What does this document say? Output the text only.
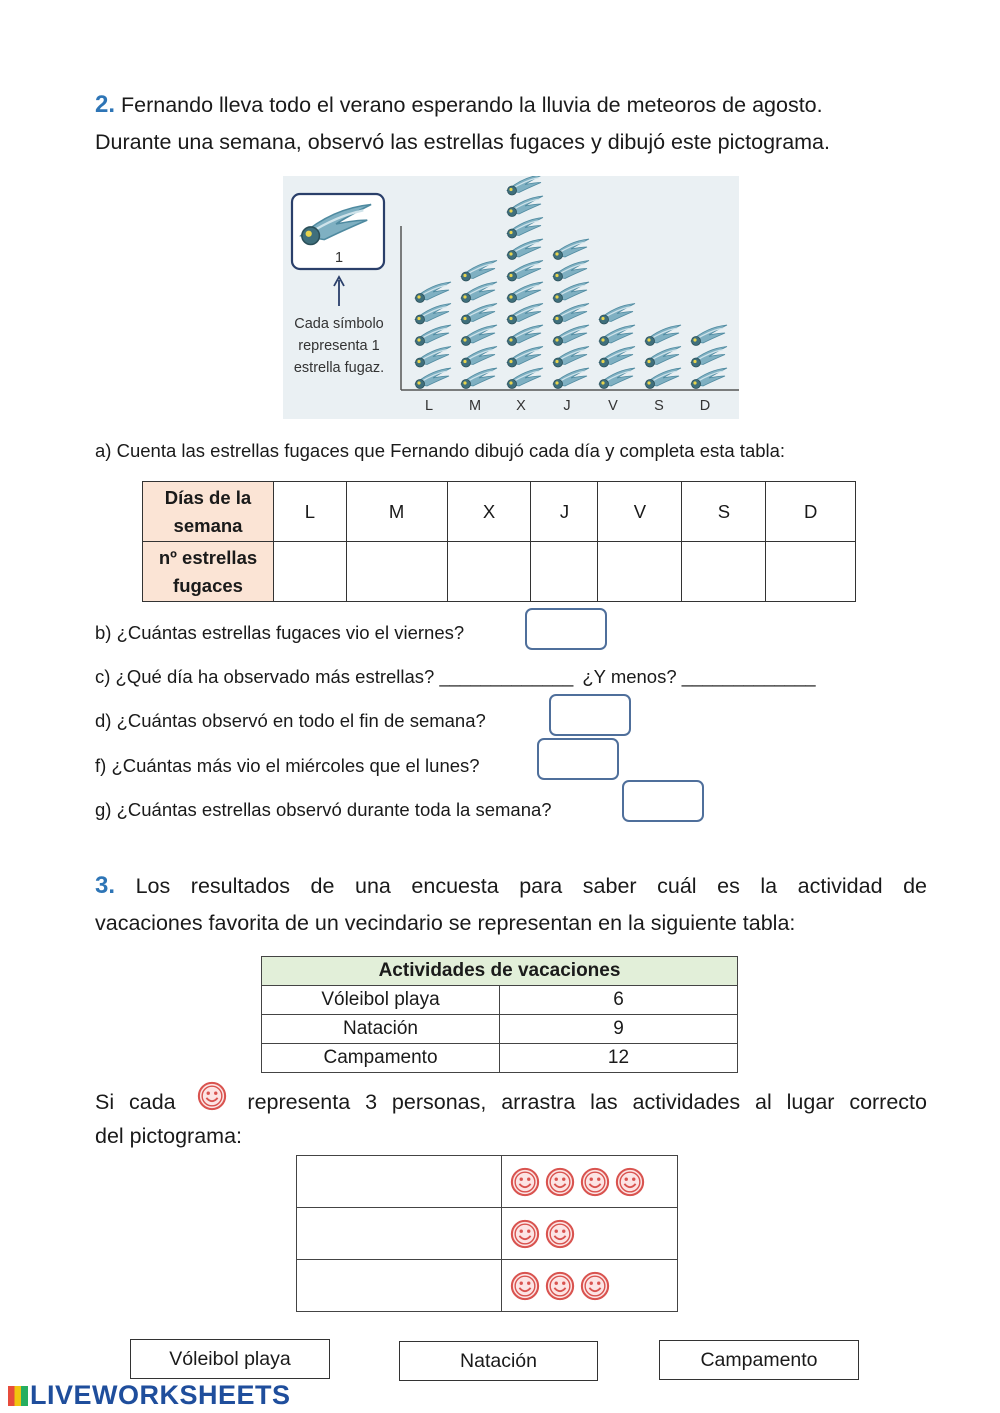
2. Fernando lleva todo el verano esperando la lluvia de meteoros de agosto.
Durante una semana, observó las estrellas fugaces y dibujó este pictograma.
1
Cada símbolo
representa 1
estrella fugaz.
L M X	J	V	S D
a) Cuenta las estrellas fugaces que Fernando dibujó cada día y completa esta tabla:
Días de la
semana	L	M	X	J	V	S	D
nº estrellas
fugaces							
b) ¿Cuántas estrellas fugaces vio el viernes?
c) ¿Qué día ha observado más estrellas? _____________ ¿Y menos? _____________
d) ¿Cuántas observó en todo el fin de semana?
f) ¿Cuántas más vio el miércoles que el lunes?
g) ¿Cuántas estrellas observó durante toda la semana?
3. Los resultados de una encuesta para saber cuál es la actividad de
vacaciones favorita de un vecindario se representan en la siguiente tabla:
Actividades de vacaciones	
Vóleibol playa	6
Natación	9
Campamento	12
Si cada	representa 3 personas, arrastra las actividades al lugar correcto
del pictograma:

Vóleibol playa	Natación	Campamento
LIVEWORKSHEETS
